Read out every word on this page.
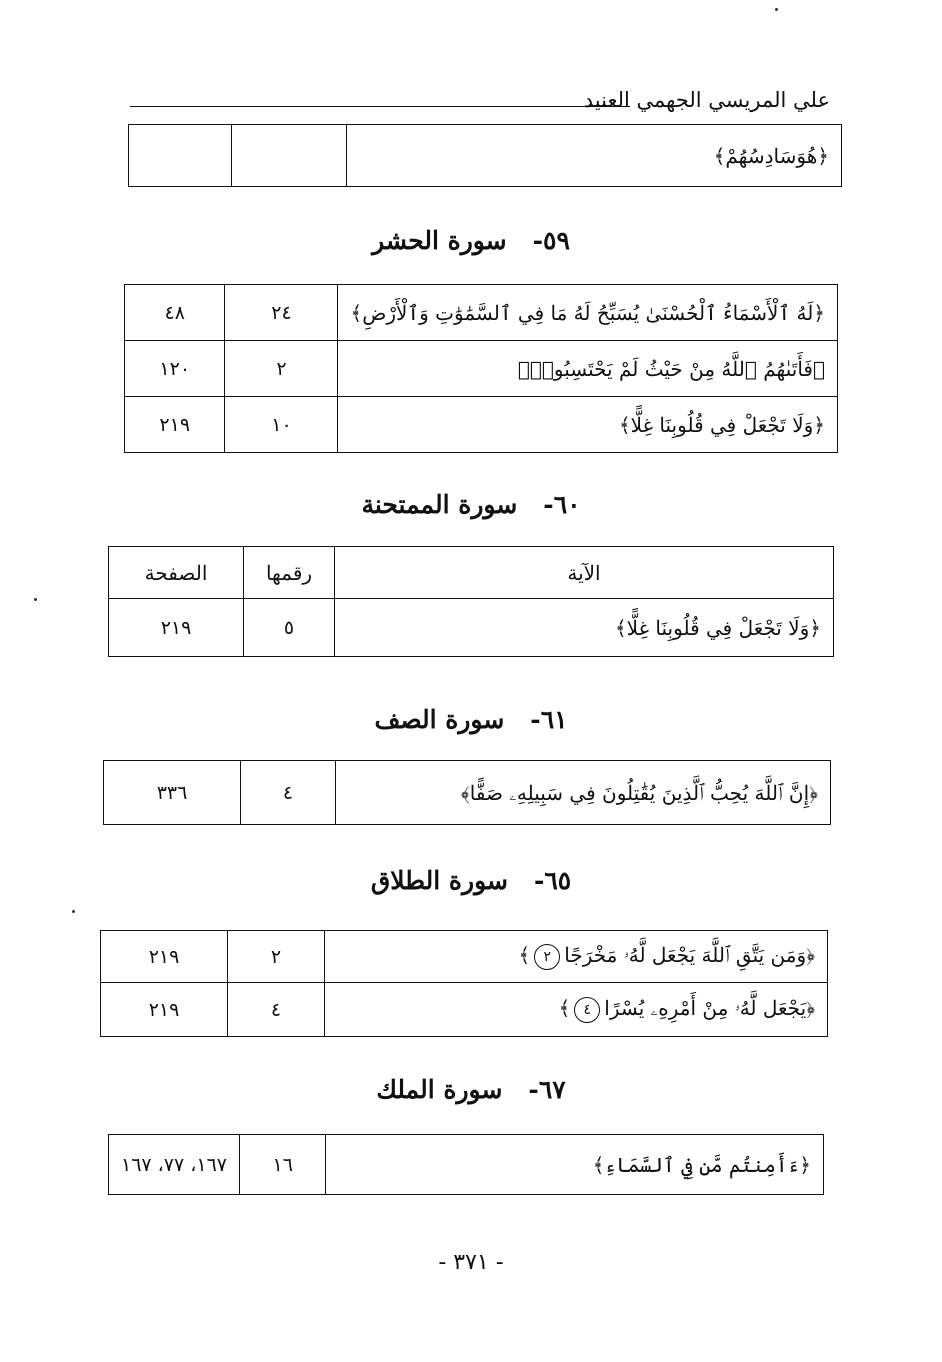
علي المريسي الجهمي العنيد
﴿هُوَسَادِسُهُمْ﴾		
٥٩-سورة الحشر
﴿لَهُ ٱلْأَسْمَاءُ ٱلْحُسْنَىٰ يُسَبِّحُ لَهُ مَا فِي ٱلسَّمَٰوَٰتِ وَٱلْأَرْضِ﴾	٢٤	٤٨
﴿فَأَتَىٰهُمُ ٱللَّهُ مِنْ حَيْثُ لَمْ يَحْتَسِبُوا۟﴾	٢	١٢٠
﴿وَلَا تَجْعَلْ فِي قُلُوبِنَا غِلًّا﴾	١٠	٢١٩
٦٠-سورة الممتحنة
الآية	رقمها	الصفحة
﴿وَلَا تَجْعَلْ فِي قُلُوبِنَا غِلًّا﴾	٥	٢١٩
٦١-سورة الصف
﴿إِنَّ ٱللَّهَ يُحِبُّ ٱلَّذِينَ يُقَٰتِلُونَ فِي سَبِيلِهِۦ صَفًّا﴾	٤	٣٣٦
٦٥-سورة الطلاق
﴿وَمَن يَتَّقِ ٱللَّهَ يَجْعَل لَّهُۥ مَخْرَجًا٢﴾	٢	٢١٩
﴿يَجْعَل لَّهُۥ مِنْ أَمْرِهِۦ يُسْرًا٤﴾	٤	٢١٩
٦٧-سورة الملك
﴿ءَأَمِنتُم مَّن فِي ٱلسَّمَاءِ﴾	١٦	١٦٧، ٧٧، ١٦٧
- ٣٧١ -
